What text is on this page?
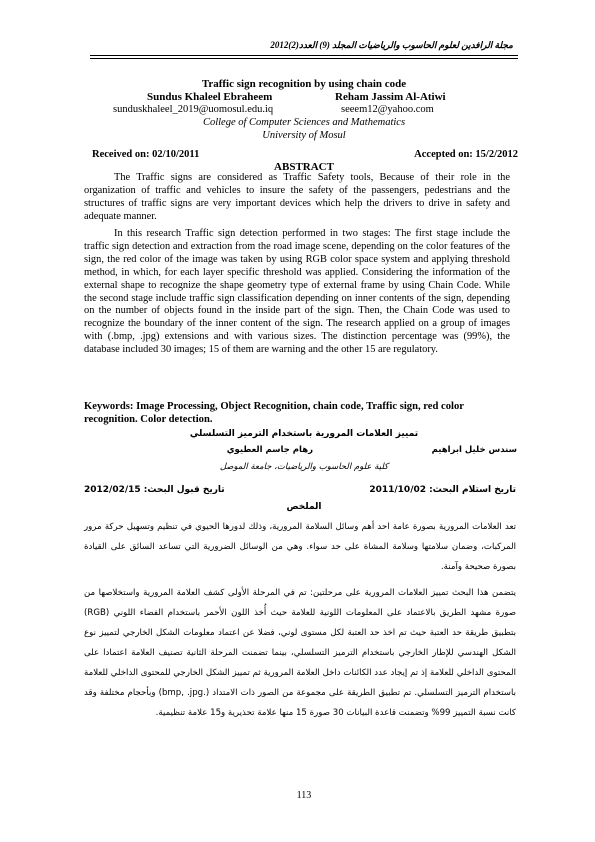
مجلة الرافدين لعلوم الحاسوب والرياضيات المجلد (9) العدد(2)2012
Traffic sign recognition by using chain code
Sundus Khaleel Ebraheem	Reham Jassim Al-Atiwi
sunduskhaleel_2019@uomosul.edu.iq	seeem12@yahoo.com
College of Computer Sciences and Mathematics
University of Mosul
Received on: 02/10/2011	Accepted on: 15/2/2012
ABSTRACT
The Traffic signs are considered as Traffic Safety tools, Because of their role in the organization of traffic and vehicles to insure the safety of the passengers, pedestrians and the structures of traffic signs are very important devices which help the drivers to drive in safety and adequate manner.
In this research Traffic sign detection performed in two stages: The first stage include the traffic sign detection and extraction from the road image scene, depending on the color features of the sign, the red color of the image was taken by using RGB color space system and applying threshold method, in which, for each layer specific threshold was applied. Considering the information of the external shape to recognize the shape geometry type of external frame by using Chain Code. While the second stage include traffic sign classification depending on inner contents of the sign, depending on the number of objects found in the inside part of the sign. Then, the Chain Code was used to recognize the boundary of the inner content of the sign. The research applied on a group of images with (.bmp, .jpg) extensions and with various sizes. The distinction percentage was (99%), the database included 30 images; 15 of them are warning and the other 15 are regulatory.
Keywords: Image Processing, Object Recognition, chain code, Traffic sign, red color recognition. Color detection.
تمييز العلامات المرورية باستخدام الترميز التسلسلي
سندس خليل ابراهيم
رهام جاسم العطيوي
كلية علوم الحاسوب والرياضيات، جامعة الموصل
تاريخ استلام البحث: 2011/10/02
تاريخ قبول البحث: 2012/02/15
الملخص
تعد العلامات المرورية بصورة عامة احد أهم وسائل السلامة المرورية، وذلك لدورها الحيوي في تنظيم وتسهيل حركة مرور المركبات، وضمان سلامتها وسلامة المشاة على حد سواء. وهي من الوسائل الضرورية التي تساعد السائق على القيادة بصورة صحيحة وآمنة.
يتضمن هذا البحث تمييز العلامات المرورية على مرحلتين: تم في المرحلة الأولى كشف العلامة المرورية واستخلاصها من صورة مشهد الطريق بالاعتماد على المعلومات اللونية للعلامة حيث أُخذ اللون الأحمر باستخدام الفضاء اللوني (RGB) بتطبيق طريقة حد العتبة حيث تم اخذ حد العتبة لكل مستوى لوني، فضلا عن اعتماد معلومات الشكل الخارجي لتمييز نوع الشكل الهندسي للإطار الخارجي باستخدام الترميز التسلسلي، بينما تضمنت المرحلة الثانية تصنيف العلامة اعتمادا على المحتوى الداخلي للعلامة إذ تم إيجاد عدد الكائنات داخل العلامة المرورية ثم تمييز الشكل الخارجي للمحتوى الداخلي للعلامة باستخدام الترميز التسلسلي. تم تطبيق الطريقة على مجموعة من الصور ذات الامتداد (.bmp, .jpg) وبأحجام مختلفة وقد كانت نسبة التمييز 99% وتضمنت قاعدة البيانات 30 صورة 15 منها علامة تحذيرية و15 علامة تنظيمية.
113
